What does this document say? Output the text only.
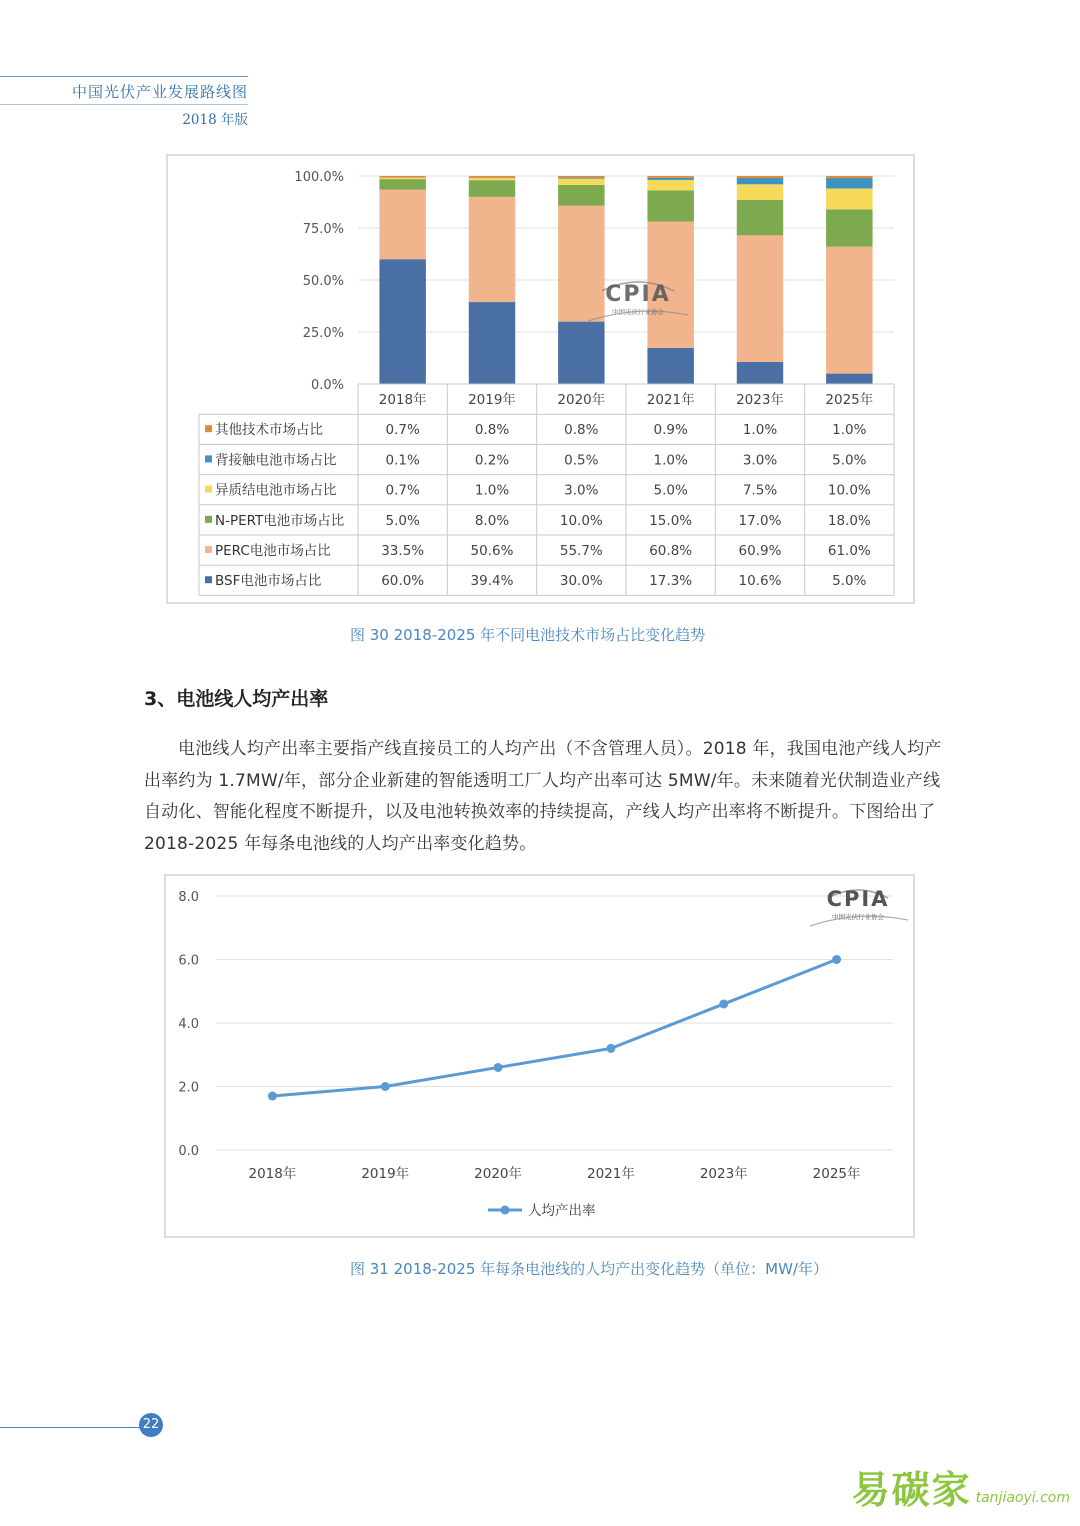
中国光伏产业发展路线图
2018 年版
0.0%
25.0%
50.0%
75.0%
100.0%
CPIA
中国光伏行业协会
2018年	2019年	2020年	2021年	2023年	2025年
其他技术市场占比	0.7%	0.8%	0.8%	0.9%	1.0%	1.0%
背接触电池市场占比	0.1%	0.2%	0.5%	1.0%	3.0%	5.0%
异质结电池市场占比	0.7%	1.0%	3.0%	5.0%	7.5%	10.0%
N-PERT电池市场占比	5.0%	8.0%	10.0%	15.0%	17.0%	18.0%
PERC电池市场占比	33.5%	50.6%	55.7%	60.8%	60.9%	61.0%
BSF电池市场占比	60.0%	39.4%	30.0%	17.3%	10.6%	5.0%
图 30 2018-2025 年不同电池技术市场占比变化趋势
3、电池线人均产出率
电池线人均产出率主要指产线直接员工的人均产出（不含管理人员）。2018 年，我国电池产线人均产出率约为 1.7MW/年，部分企业新建的智能透明工厂人均产出率可达 5MW/年。未来随着光伏制造业产线自动化、智能化程度不断提升，以及电池转换效率的持续提高，产线人均产出率将不断提升。下图给出了 2018-2025 年每条电池线的人均产出率变化趋势。
0.0
2.0
4.0
6.0
8.0
2018年	2019年	2020年	2021年	2023年	2025年
人均产出率
CPIA
中国光伏行业协会
图 31 2018-2025 年每条电池线的人均产出变化趋势（单位：MW/年）
22
易碳家 tanjiaoyi.com
